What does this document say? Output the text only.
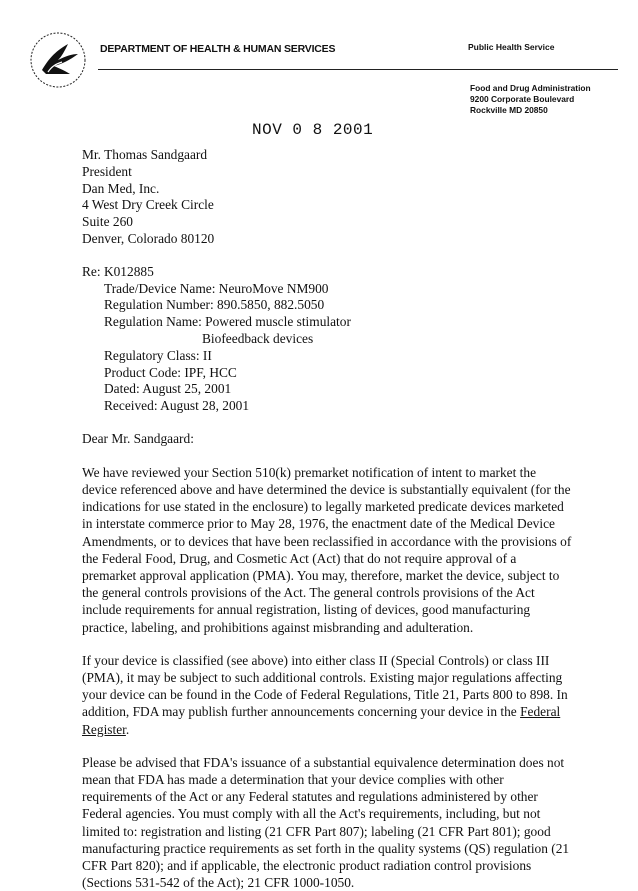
DEPARTMENT OF HEALTH & HUMAN SERVICES	Public Health Service
Food and Drug Administration
9200 Corporate Boulevard
Rockville MD 20850
NOV 0 8 2001
Mr. Thomas Sandgaard
President
Dan Med, Inc.
4 West Dry Creek Circle
Suite 260
Denver, Colorado 80120
Re: K012885
Trade/Device Name: NeuroMove NM900
Regulation Number: 890.5850, 882.5050
Regulation Name: Powered muscle stimulator
Biofeedback devices
Regulatory Class: II
Product Code: IPF, HCC
Dated: August 25, 2001
Received: August 28, 2001
Dear Mr. Sandgaard:

We have reviewed your Section 510(k) premarket notification of intent to market the device referenced above and have determined the device is substantially equivalent (for the indications for use stated in the enclosure) to legally marketed predicate devices marketed in interstate commerce prior to May 28, 1976, the enactment date of the Medical Device Amendments, or to devices that have been reclassified in accordance with the provisions of the Federal Food, Drug, and Cosmetic Act (Act) that do not require approval of a premarket approval application (PMA). You may, therefore, market the device, subject to the general controls provisions of the Act. The general controls provisions of the Act include requirements for annual registration, listing of devices, good manufacturing practice, labeling, and prohibitions against misbranding and adulteration.

If your device is classified (see above) into either class II (Special Controls) or class III (PMA), it may be subject to such additional controls. Existing major regulations affecting your device can be found in the Code of Federal Regulations, Title 21, Parts 800 to 898. In addition, FDA may publish further announcements concerning your device in the Federal Register.

Please be advised that FDA's issuance of a substantial equivalence determination does not mean that FDA has made a determination that your device complies with other requirements of the Act or any Federal statutes and regulations administered by other Federal agencies. You must comply with all the Act's requirements, including, but not limited to: registration and listing (21 CFR Part 807); labeling (21 CFR Part 801); good manufacturing practice requirements as set forth in the quality systems (QS) regulation (21 CFR Part 820); and if applicable, the electronic product radiation control provisions (Sections 531-542 of the Act); 21 CFR 1000-1050.
